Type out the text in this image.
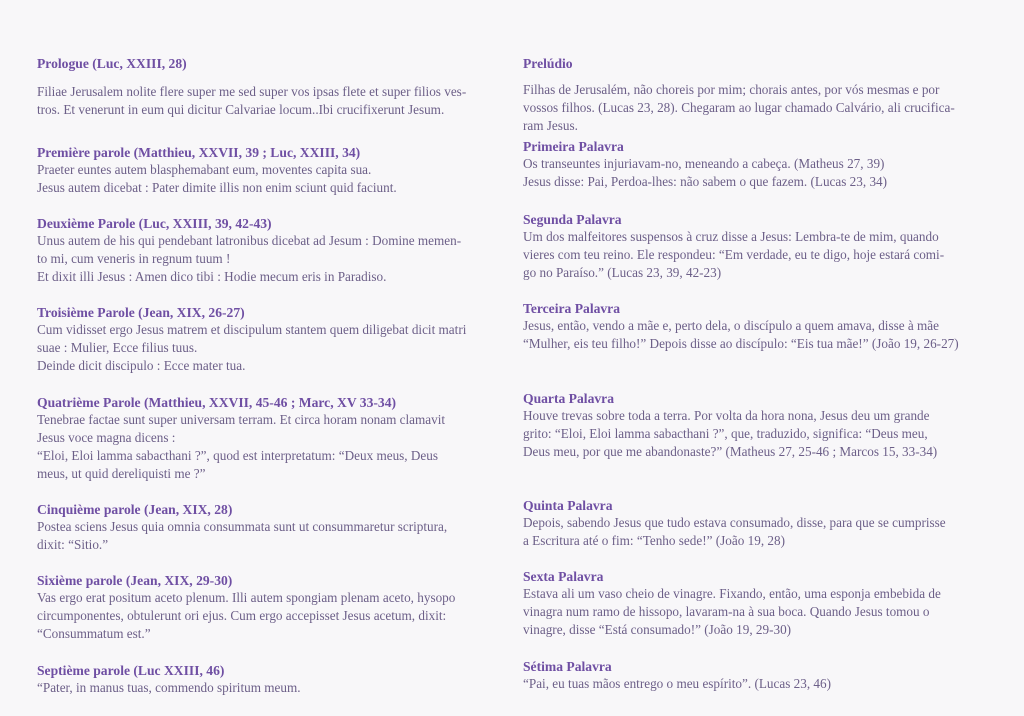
Prologue (Luc, XXIII, 28)

Filiae Jerusalem nolite flere super me sed super vos ipsas flete et super filios ves-
tros. Et venerunt in eum qui dicitur Calvariae locum..Ibi crucifixerunt Jesum.

Première parole (Matthieu, XXVII, 39 ; Luc, XXIII, 34)

Praeter euntes autem blasphemabant eum, moventes capita sua.
Jesus autem dicebat : Pater dimite illis non enim sciunt quid faciunt.

Deuxième Parole (Luc, XXIII, 39, 42-43)

Unus autem de his qui pendebant latronibus dicebat ad Jesum : Domine memen-
to mi, cum veneris in regnum tuum !
Et dixit illi Jesus : Amen dico tibi : Hodie mecum eris in Paradiso.

Troisième Parole (Jean, XIX, 26-27)

Cum vidisset ergo Jesus matrem et discipulum stantem quem diligebat dicit matri
suae : Mulier, Ecce filius tuus.
Deinde dicit discipulo : Ecce mater tua.

Quatrième Parole (Matthieu, XXVII, 45-46 ; Marc, XV 33-34)

Tenebrae factae sunt super universam terram. Et circa horam nonam clamavit
Jesus voce magna dicens :
“Eloi, Eloi lamma sabacthani ?”, quod est interpretatum: “Deux meus, Deus
meus, ut quid dereliquisti me ?”

Cinquième parole (Jean, XIX, 28)

Postea sciens Jesus quia omnia consummata sunt ut consummaretur scriptura,
dixit: “Sitio.”

Sixième parole (Jean, XIX, 29-30)

Vas ergo erat positum aceto plenum. Illi autem spongiam plenam aceto, hysopo
circumponentes, obtulerunt ori ejus. Cum ergo accepisset Jesus acetum, dixit:
“Consummatum est.”

Septième parole (Luc XXIII, 46)

“Pater, in manus tuas, commendo spiritum meum.

Prelúdio

Filhas de Jerusalém, não choreis por mim; chorais antes, por vós mesmas e por
vossos filhos. (Lucas 23, 28). Chegaram ao lugar chamado Calvário, ali crucifica-
ram Jesus.

Primeira Palavra

Os transeuntes injuriavam-no, meneando a cabeça. (Matheus 27, 39)
Jesus disse: Pai, Perdoa-lhes: não sabem o que fazem. (Lucas 23, 34)

Segunda Palavra

Um dos malfeitores suspensos à cruz disse a Jesus: Lembra-te de mim, quando
vieres com teu reino. Ele respondeu: “Em verdade, eu te digo, hoje estará comi-
go no Paraíso.” (Lucas 23, 39, 42-23)

Terceira Palavra

Jesus, então, vendo a mãe e, perto dela, o discípulo a quem amava, disse à mãe
“Mulher, eis teu filho!” Depois disse ao discípulo: “Eis tua mãe!” (João 19, 26-27)

Quarta Palavra

Houve trevas sobre toda a terra. Por volta da hora nona, Jesus deu um grande
grito: “Eloi, Eloi lamma sabacthani ?”, que, traduzido, significa: “Deus meu,
Deus meu, por que me abandonaste?” (Matheus 27, 25-46 ; Marcos 15, 33-34)

Quinta Palavra

Depois, sabendo Jesus que tudo estava consumado, disse, para que se cumprisse
a Escritura até o fim: “Tenho sede!” (João 19, 28)

Sexta Palavra

Estava ali um vaso cheio de vinagre. Fixando, então, uma esponja embebida de
vinagra num ramo de hissopo, lavaram-na à sua boca. Quando Jesus tomou o
vinagre, disse “Está consumado!” (João 19, 29-30)

Sétima Palavra

“Pai, eu tuas mãos entrego o meu espírito”. (Lucas 23, 46)
